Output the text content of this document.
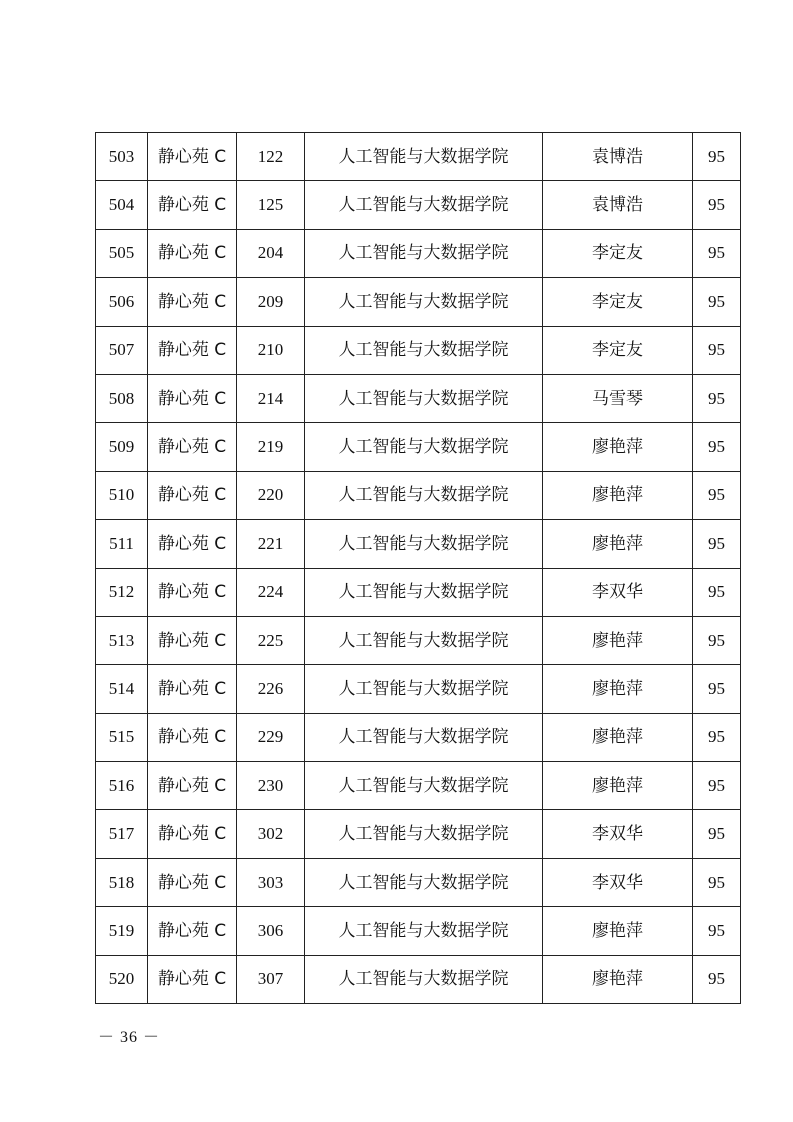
503	静心苑 C	122	人工智能与大数据学院	袁博浩	95
504	静心苑 C	125	人工智能与大数据学院	袁博浩	95
505	静心苑 C	204	人工智能与大数据学院	李定友	95
506	静心苑 C	209	人工智能与大数据学院	李定友	95
507	静心苑 C	210	人工智能与大数据学院	李定友	95
508	静心苑 C	214	人工智能与大数据学院	马雪琴	95
509	静心苑 C	219	人工智能与大数据学院	廖艳萍	95
510	静心苑 C	220	人工智能与大数据学院	廖艳萍	95
511	静心苑 C	221	人工智能与大数据学院	廖艳萍	95
512	静心苑 C	224	人工智能与大数据学院	李双华	95
513	静心苑 C	225	人工智能与大数据学院	廖艳萍	95
514	静心苑 C	226	人工智能与大数据学院	廖艳萍	95
515	静心苑 C	229	人工智能与大数据学院	廖艳萍	95
516	静心苑 C	230	人工智能与大数据学院	廖艳萍	95
517	静心苑 C	302	人工智能与大数据学院	李双华	95
518	静心苑 C	303	人工智能与大数据学院	李双华	95
519	静心苑 C	306	人工智能与大数据学院	廖艳萍	95
520	静心苑 C	307	人工智能与大数据学院	廖艳萍	95
－ 36 －
